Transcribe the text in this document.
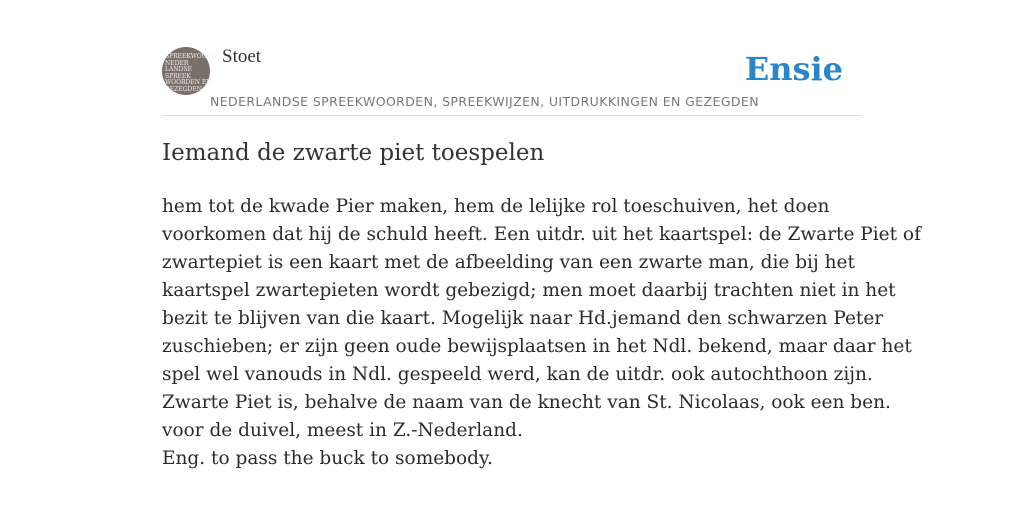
SPREEKWOORD
NEDER
LANDSE
SPREEK
WOORDEN EN
GEZEGDEN
Stoet	Ensie
NEDERLANDSE SPREEKWOORDEN, SPREEKWIJZEN, UITDRUKKINGEN EN GEZEGDEN
Iemand de zwarte piet toespelen
hem tot de kwade Pier maken, hem de lelijke rol toeschuiven, het doen
voorkomen dat hij de schuld heeft. Een uitdr. uit het kaartspel: de Zwarte Piet of
zwartepiet is een kaart met de afbeelding van een zwarte man, die bij het
kaartspel zwartepieten wordt gebezigd; men moet daarbij trachten niet in het
bezit te blijven van die kaart. Mogelijk naar Hd.jemand den schwarzen Peter
zuschieben; er zijn geen oude bewijsplaatsen in het Ndl. bekend, maar daar het
spel wel vanouds in Ndl. gespeeld werd, kan de uitdr. ook autochthoon zijn.
Zwarte Piet is, behalve de naam van de knecht van St. Nicolaas, ook een ben.
voor de duivel, meest in Z.-Nederland.
Eng. to pass the buck to somebody.
